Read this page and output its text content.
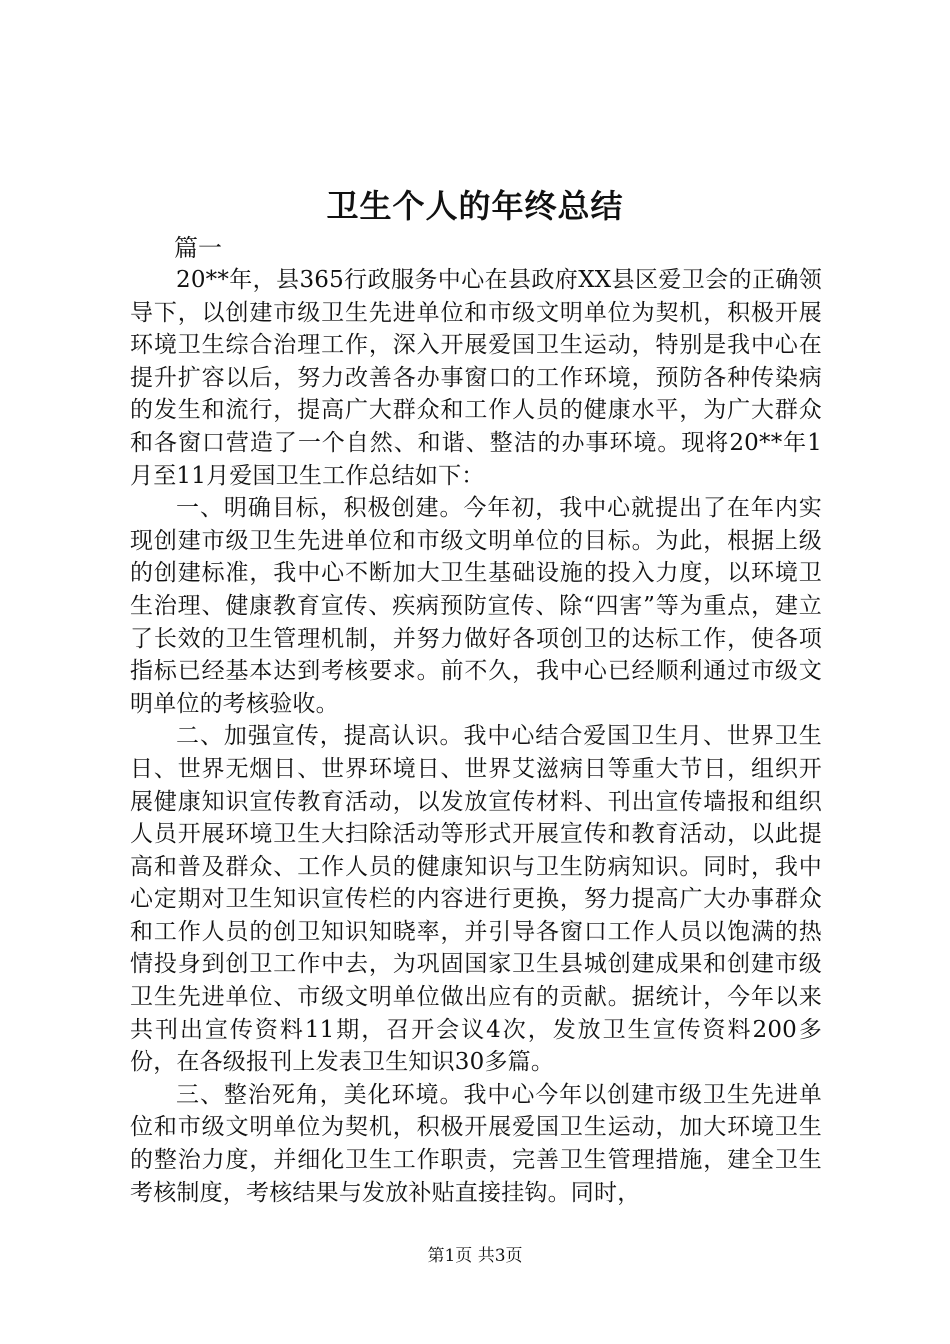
卫生个人的年终总结
篇一

20**年，县365行政服务中心在县政府XX县区爱卫会的正确领导下，以创建市级卫生先进单位和市级文明单位为契机，积极开展环境卫生综合治理工作，深入开展爱国卫生运动，特别是我中心在提升扩容以后，努力改善各办事窗口的工作环境，预防各种传染病的发生和流行，提高广大群众和工作人员的健康水平，为广大群众和各窗口营造了一个自然、和谐、整洁的办事环境。现将20**年1月至11月爱国卫生工作总结如下：

一、明确目标，积极创建。今年初，我中心就提出了在年内实现创建市级卫生先进单位和市级文明单位的目标。为此，根据上级的创建标准，我中心不断加大卫生基础设施的投入力度，以环境卫生治理、健康教育宣传、疾病预防宣传、除“四害”等为重点，建立了长效的卫生管理机制，并努力做好各项创卫的达标工作，使各项指标已经基本达到考核要求。前不久，我中心已经顺利通过市级文明单位的考核验收。

二、加强宣传，提高认识。我中心结合爱国卫生月、世界卫生日、世界无烟日、世界环境日、世界艾滋病日等重大节日，组织开展健康知识宣传教育活动，以发放宣传材料、刊出宣传墙报和组织人员开展环境卫生大扫除活动等形式开展宣传和教育活动，以此提高和普及群众、工作人员的健康知识与卫生防病知识。同时，我中心定期对卫生知识宣传栏的内容进行更换，努力提高广大办事群众和工作人员的创卫知识知晓率，并引导各窗口工作人员以饱满的热情投身到创卫工作中去，为巩固国家卫生县城创建成果和创建市级卫生先进单位、市级文明单位做出应有的贡献。据统计，今年以来共刊出宣传资料11期，召开会议4次，发放卫生宣传资料200多份，在各级报刊上发表卫生知识30多篇。

三、整治死角，美化环境。我中心今年以创建市级卫生先进单位和市级文明单位为契机，积极开展爱国卫生运动，加大环境卫生的整治力度，并细化卫生工作职责，完善卫生管理措施，建全卫生考核制度，考核结果与发放补贴直接挂钩。同时，

第1页 共3页
